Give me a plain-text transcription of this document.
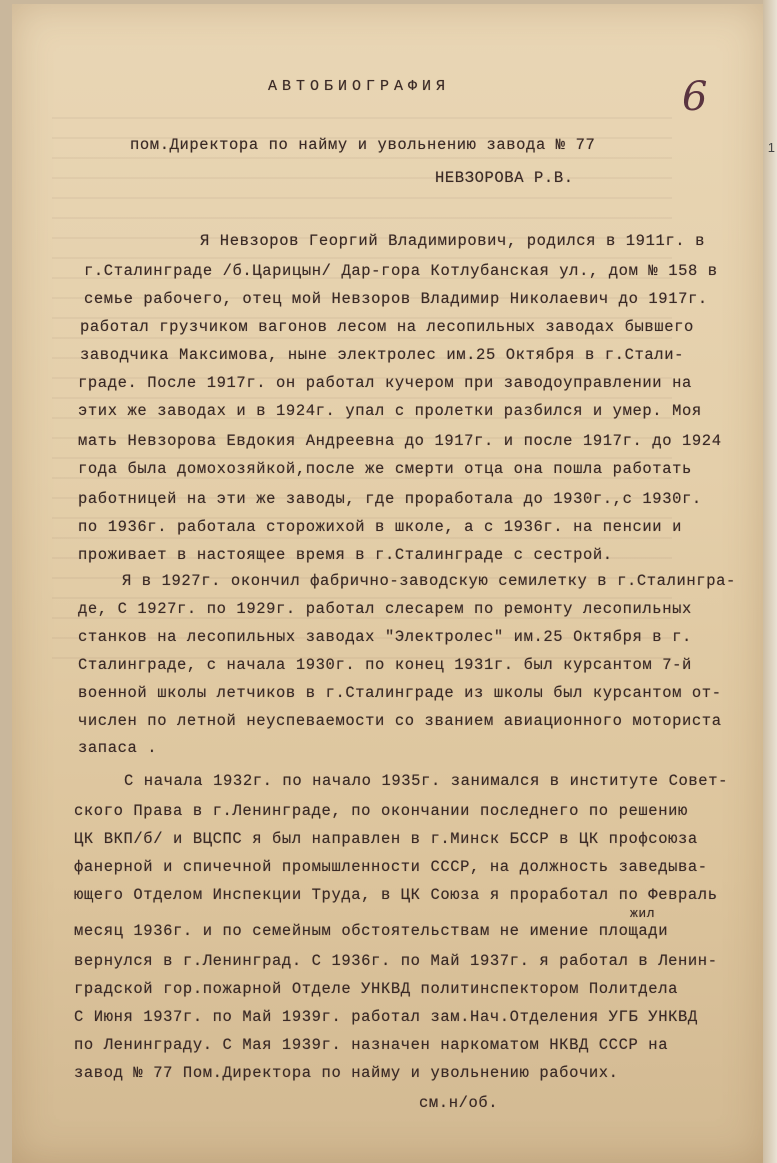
АВТОБИОГРАФИЯ	6
пом.Директора по найму и увольнению завода № 77
НЕВЗОРОВА Р.В.
Я Невзоров Георгий Владимирович, родился в 1911г. в
г.Сталинграде /б.Царицын/ Дар-гора Котлубанская ул., дом № 158 в
семье рабочего, отец мой Невзоров Владимир Николаевич до 1917г.
работал грузчиком вагонов лесом на лесопильных заводах бывшего
заводчика Максимова, ныне электролес им.25 Октября в г.Стали-
граде. После 1917г. он работал кучером при заводоуправлении на
этих же заводах и в 1924г. упал с пролетки разбился и умер. Моя
мать Невзорова Евдокия Андреевна до 1917г. и после 1917г. до 1924
года была домохозяйкой,после же смерти отца она пошла работать
работницей на эти же заводы, где проработала до 1930г.,с 1930г.
по 1936г. работала сторожихой в школе, а с 1936г. на пенсии и
проживает в настоящее время в г.Сталинграде с сестрой.
Я в 1927г. окончил фабрично-заводскую семилетку в г.Сталингра-
де, С 1927г. по 1929г. работал слесарем по ремонту лесопильных
станков на лесопильных заводах "Электролес" им.25 Октября в г.
Сталинграде, с начала 1930г. по конец 1931г. был курсантом 7-й
военной школы летчиков в г.Сталинграде из школы был курсантом от-
числен по летной неуспеваемости со званием авиационного моториста
запаса .
С начала 1932г. по начало 1935г. занимался в институте Совет-
ского Права в г.Ленинграде, по окончании последнего по решению
ЦК ВКП/б/ и ВЦСПС я был направлен в г.Минск БССР в ЦК профсоюза
фанерной и спичечной промышленности СССР, на должность заведыва-
ющего Отделом Инспекции Труда, в ЦК Союза я проработал по Февраль
жил
месяц 1936г. и по семейным обстоятельствам не имение площади
вернулся в г.Ленинград. С 1936г. по Май 1937г. я работал в Ленин-
градской гор.пожарной Отделе УНКВД политинспектором Политдела
С Июня 1937г. по Май 1939г. работал зам.Нач.Отделения УГБ УНКВД
по Ленинграду. С Мая 1939г. назначен наркоматом НКВД СССР на
завод № 77 Пом.Директора по найму и увольнению рабочих.
см.н/об.
1
